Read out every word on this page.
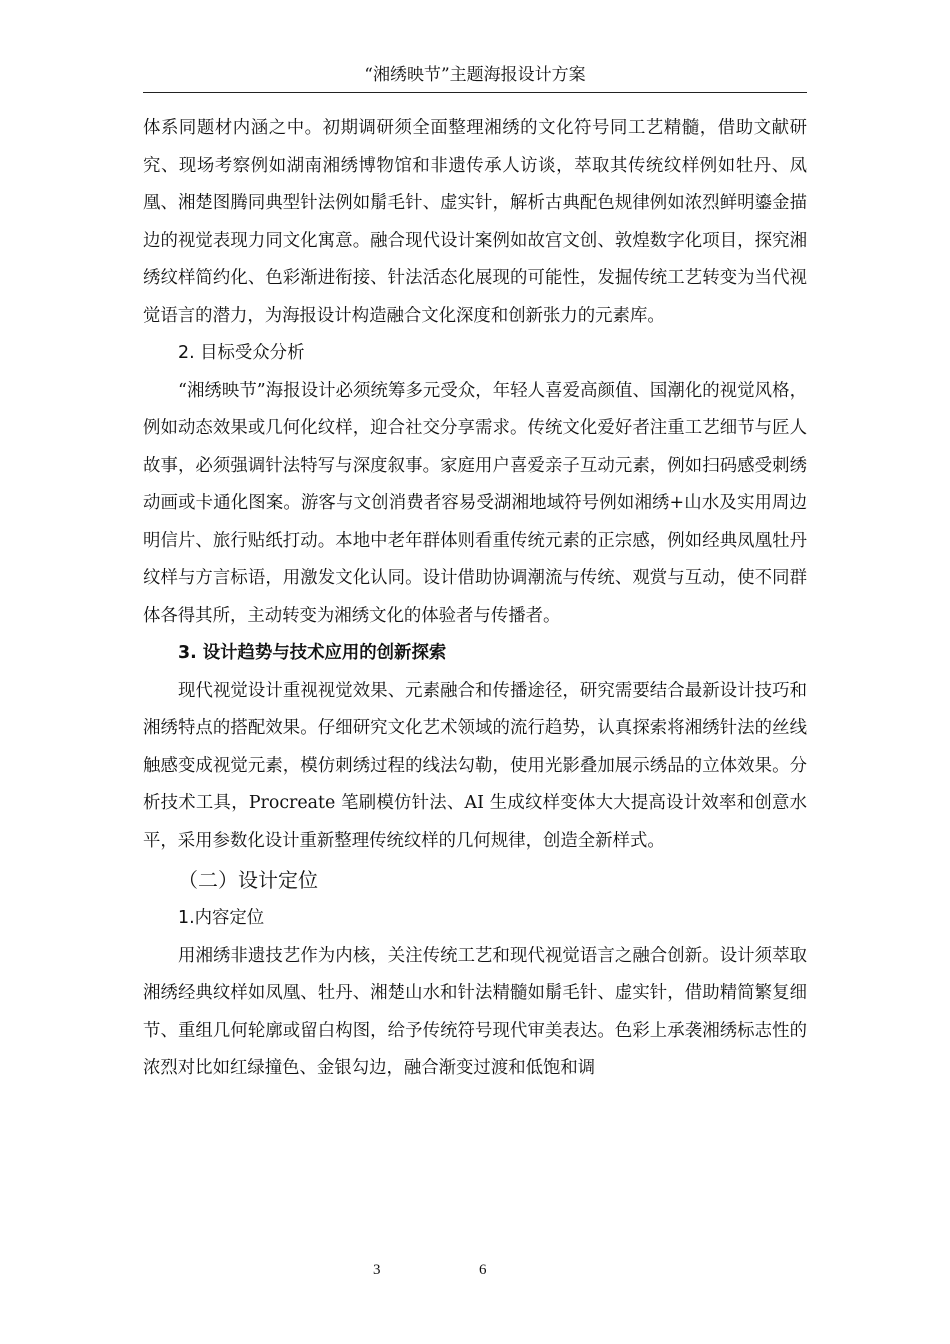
“湘绣映节”主题海报设计方案

体系同题材内涵之中。初期调研须全面整理湘绣的文化符号同工艺精髓，借助文献研究、现场考察例如湖南湘绣博物馆和非遗传承人访谈，萃取其传统纹样例如牡丹、凤凰、湘楚图腾同典型针法例如鬅毛针、虚实针，解析古典配色规律例如浓烈鲜明鎏金描边的视觉表现力同文化寓意。融合现代设计案例如故宫文创、敦煌数字化项目，探究湘绣纹样简约化、色彩渐进衔接、针法活态化展现的可能性，发掘传统工艺转变为当代视觉语言的潜力，为海报设计构造融合文化深度和创新张力的元素库。

2. 目标受众分析

“湘绣映节”海报设计必须统筹多元受众，年轻人喜爱高颜值、国潮化的视觉风格，例如动态效果或几何化纹样，迎合社交分享需求。传统文化爱好者注重工艺细节与匠人故事，必须强调针法特写与深度叙事。家庭用户喜爱亲子互动元素，例如扫码感受刺绣动画或卡通化图案。游客与文创消费者容易受湖湘地域符号例如湘绣+山水及实用周边明信片、旅行贴纸打动。本地中老年群体则看重传统元素的正宗感，例如经典凤凰牡丹纹样与方言标语，用激发文化认同。设计借助协调潮流与传统、观赏与互动，使不同群体各得其所，主动转变为湘绣文化的体验者与传播者。

3. 设计趋势与技术应用的创新探索

现代视觉设计重视视觉效果、元素融合和传播途径，研究需要结合最新设计技巧和湘绣特点的搭配效果。仔细研究文化艺术领域的流行趋势，认真探索将湘绣针法的丝线触感变成视觉元素，模仿刺绣过程的线法勾勒，使用光影叠加展示绣品的立体效果。分析技术工具，Procreate 笔刷模仿针法、AI 生成纹样变体大大提高设计效率和创意水平，采用参数化设计重新整理传统纹样的几何规律，创造全新样式。

（二）设计定位

1.内容定位

用湘绣非遗技艺作为内核，关注传统工艺和现代视觉语言之融合创新。设计须萃取湘绣经典纹样如凤凰、牡丹、湘楚山水和针法精髓如鬅毛针、虚实针，借助精简繁复细节、重组几何轮廓或留白构图，给予传统符号现代审美表达。色彩上承袭湘绣标志性的浓烈对比如红绿撞色、金银勾边，融合渐变过渡和低饱和调

3	6
